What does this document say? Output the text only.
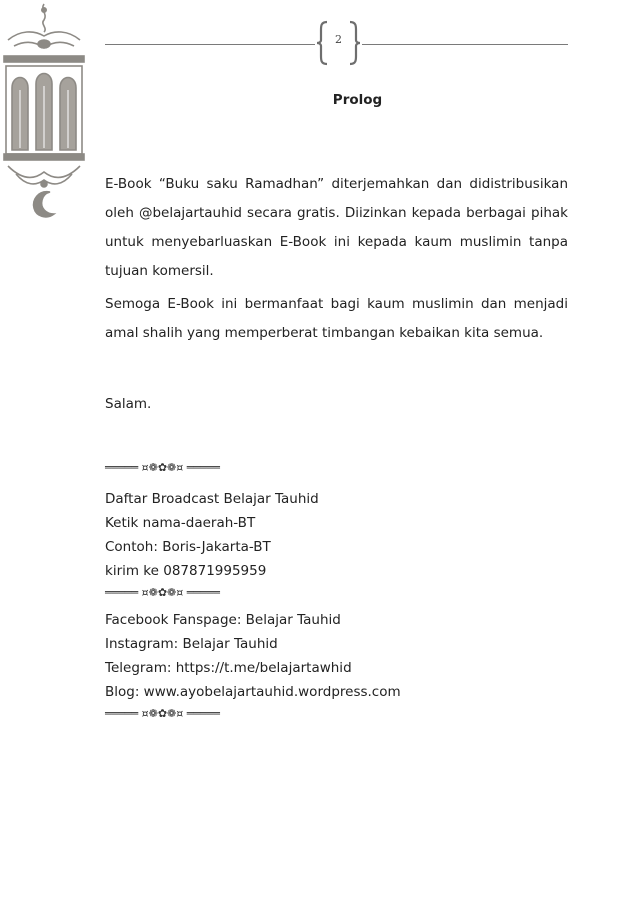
2
Prolog
E-Book “Buku saku Ramadhan” diterjemahkan dan didistribusikan oleh @belajartauhid secara gratis. Diizinkan kepada berbagai pihak untuk menyebarluaskan E-Book ini kepada kaum muslimin tanpa tujuan komersil.
Semoga E-Book ini bermanfaat bagi kaum muslimin dan menjadi amal shalih yang memperberat timbangan kebaikan kita semua.
Salam.
═════ ¤❁✿❁¤ ═════
Daftar Broadcast Belajar Tauhid
Ketik nama-daerah-BT
Contoh: Boris-Jakarta-BT
kirim ke 087871995959
═════ ¤❁✿❁¤ ═════
Facebook Fanspage: Belajar Tauhid
Instagram: Belajar Tauhid
Telegram: https://t.me/belajartawhid
Blog: www.ayobelajartauhid.wordpress.com
═════ ¤❁✿❁¤ ═════
